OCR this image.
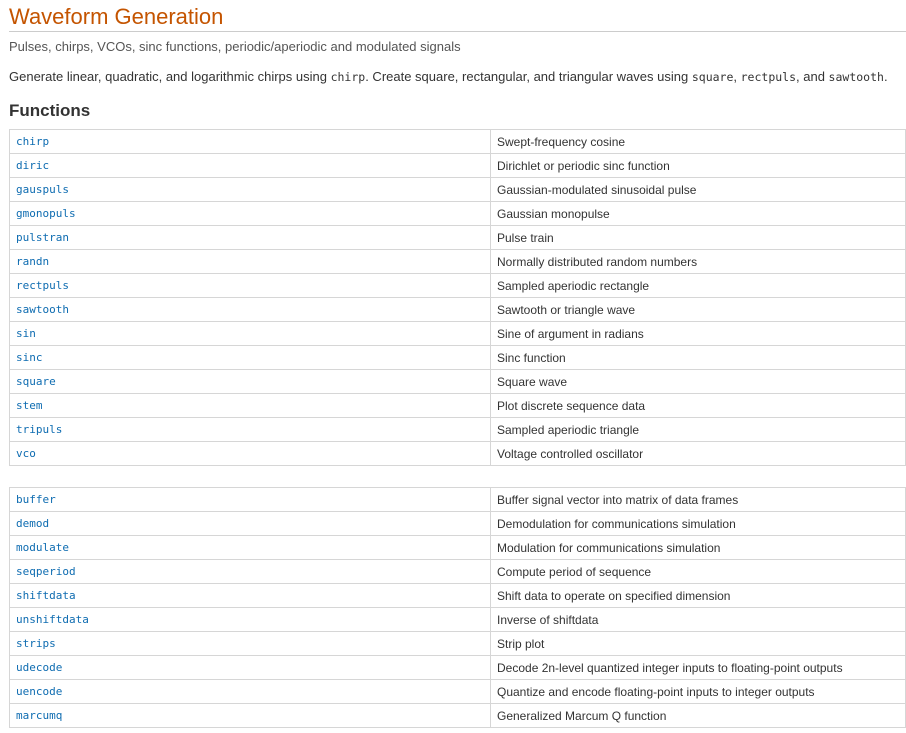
Waveform Generation
Pulses, chirps, VCOs, sinc functions, periodic/aperiodic and modulated signals
Generate linear, quadratic, and logarithmic chirps using chirp. Create square, rectangular, and triangular waves using square, rectpuls, and sawtooth.
Functions
chirp	Swept-frequency cosine
diric	Dirichlet or periodic sinc function
gauspuls	Gaussian-modulated sinusoidal pulse
gmonopuls	Gaussian monopulse
pulstran	Pulse train
randn	Normally distributed random numbers
rectpuls	Sampled aperiodic rectangle
sawtooth	Sawtooth or triangle wave
sin	Sine of argument in radians
sinc	Sinc function
square	Square wave
stem	Plot discrete sequence data
tripuls	Sampled aperiodic triangle
vco	Voltage controlled oscillator
buffer	Buffer signal vector into matrix of data frames
demod	Demodulation for communications simulation
modulate	Modulation for communications simulation
seqperiod	Compute period of sequence
shiftdata	Shift data to operate on specified dimension
unshiftdata	Inverse of shiftdata
strips	Strip plot
udecode	Decode 2n-level quantized integer inputs to floating-point outputs
uencode	Quantize and encode floating-point inputs to integer outputs
marcumq	Generalized Marcum Q function
